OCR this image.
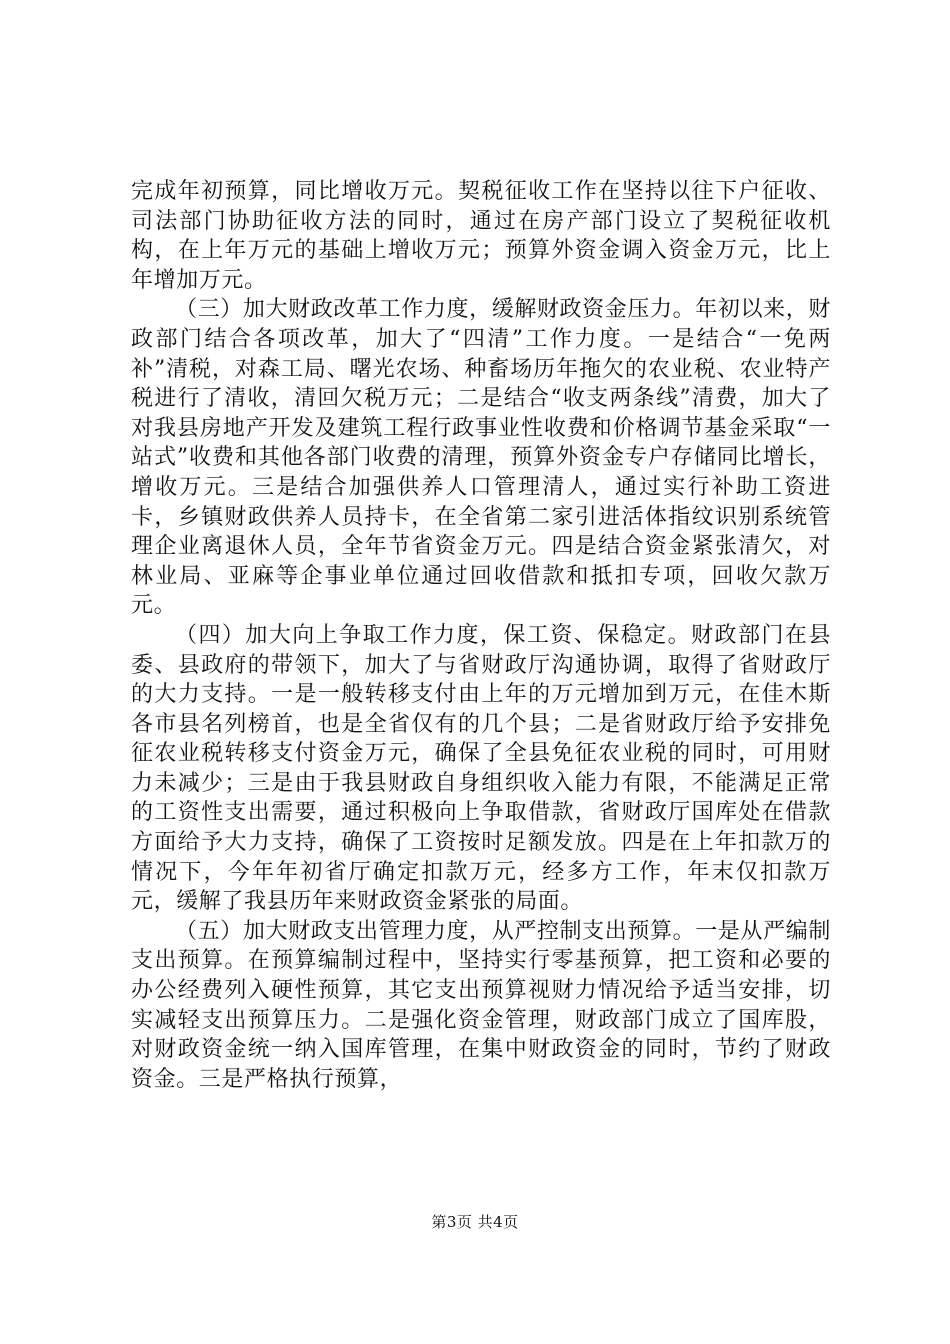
完成年初预算，同比增收万元。契税征收工作在坚持以往下户征收、司法部门协助征收方法的同时，通过在房产部门设立了契税征收机构，在上年万元的基础上增收万元；预算外资金调入资金万元，比上年增加万元。

（三）加大财政改革工作力度，缓解财政资金压力。年初以来，财政部门结合各项改革，加大了“四清”工作力度。一是结合“一免两补”清税，对森工局、曙光农场、种畜场历年拖欠的农业税、农业特产税进行了清收，清回欠税万元；二是结合“收支两条线”清费，加大了对我县房地产开发及建筑工程行政事业性收费和价格调节基金采取“一站式”收费和其他各部门收费的清理，预算外资金专户存储同比增长，增收万元。三是结合加强供养人口管理清人，通过实行补助工资进卡，乡镇财政供养人员持卡，在全省第二家引进活体指纹识别系统管理企业离退休人员，全年节省资金万元。四是结合资金紧张清欠，对林业局、亚麻等企事业单位通过回收借款和抵扣专项，回收欠款万元。

（四）加大向上争取工作力度，保工资、保稳定。财政部门在县委、县政府的带领下，加大了与省财政厅沟通协调，取得了省财政厅的大力支持。一是一般转移支付由上年的万元增加到万元，在佳木斯各市县名列榜首，也是全省仅有的几个县；二是省财政厅给予安排免征农业税转移支付资金万元，确保了全县免征农业税的同时，可用财力未减少；三是由于我县财政自身组织收入能力有限，不能满足正常的工资性支出需要，通过积极向上争取借款，省财政厅国库处在借款方面给予大力支持，确保了工资按时足额发放。四是在上年扣款万的情况下，今年年初省厅确定扣款万元，经多方工作，年末仅扣款万元，缓解了我县历年来财政资金紧张的局面。

（五）加大财政支出管理力度，从严控制支出预算。一是从严编制支出预算。在预算编制过程中，坚持实行零基预算，把工资和必要的办公经费列入硬性预算，其它支出预算视财力情况给予适当安排，切实减轻支出预算压力。二是强化资金管理，财政部门成立了国库股，对财政资金统一纳入国库管理，在集中财政资金的同时，节约了财政资金。三是严格执行预算，

第3页 共4页
